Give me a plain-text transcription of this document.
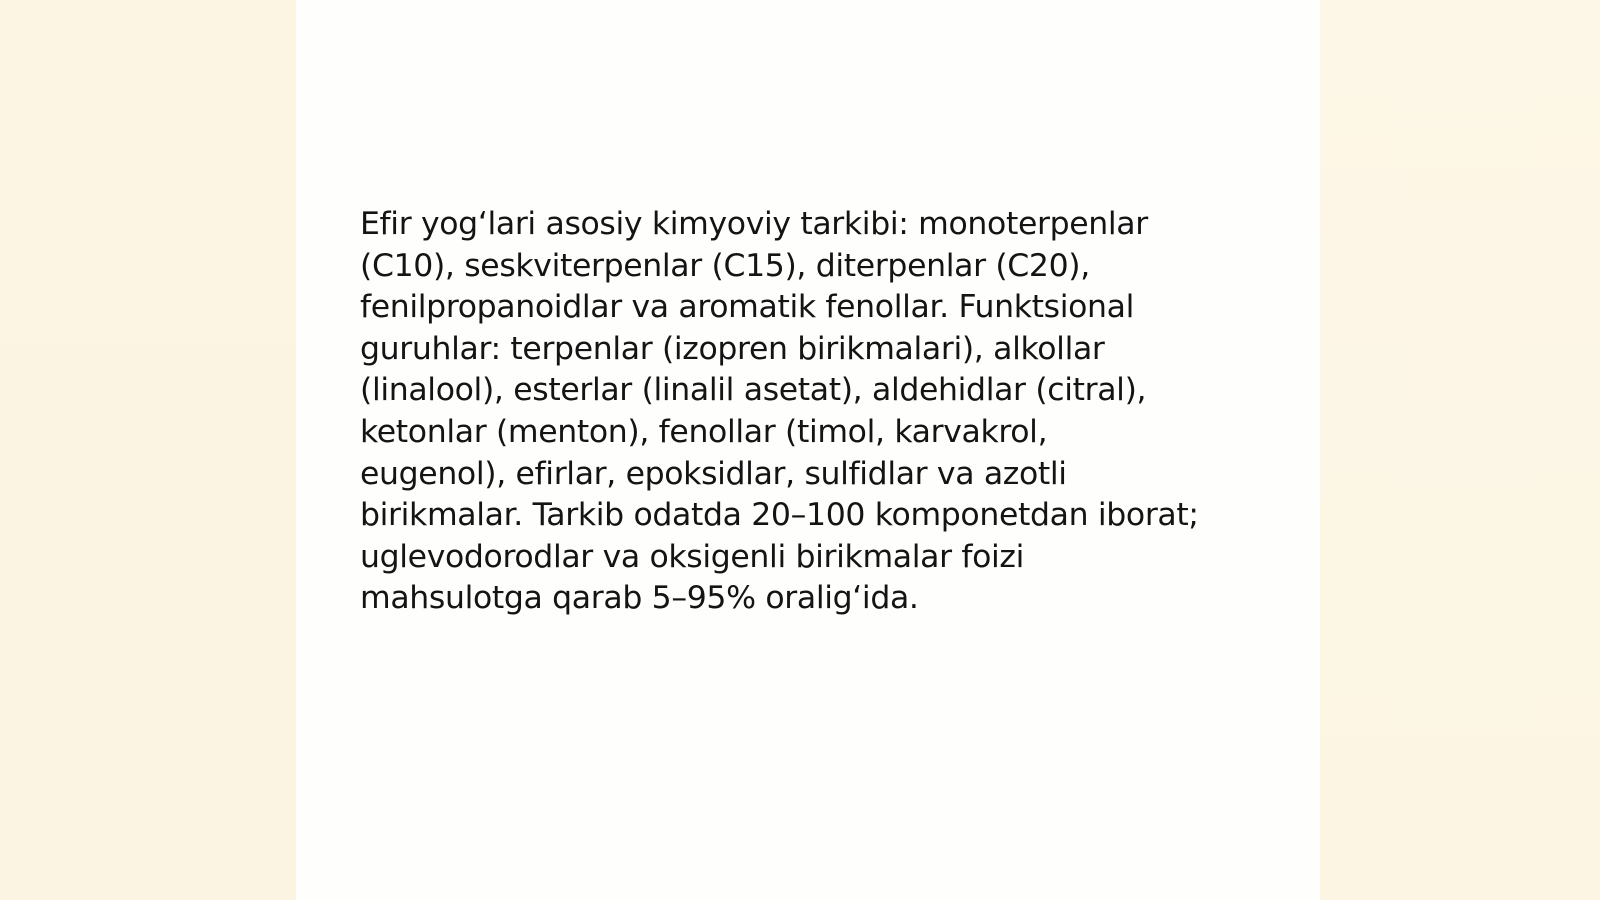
Efir yog‘lari asosiy kimyoviy tarkibi: monoterpenlar (C10), seskviterpenlar (C15), diterpenlar (C20), fenilpropanoidlar va aromatik fenollar. Funktsional guruhlar: terpenlar (izopren birikmalari), alkollar (linalool), esterlar (linalil asetat), aldehidlar (citral), ketonlar (menton), fenollar (timol, karvakrol, eugenol), efirlar, epoksidlar, sulfidlar va azotli birikmalar. Tarkib odatda 20–100 komponetdan iborat; uglevodorodlar va oksigenli birikmalar foizi mahsulotga qarab 5–95% oralig‘ida.
